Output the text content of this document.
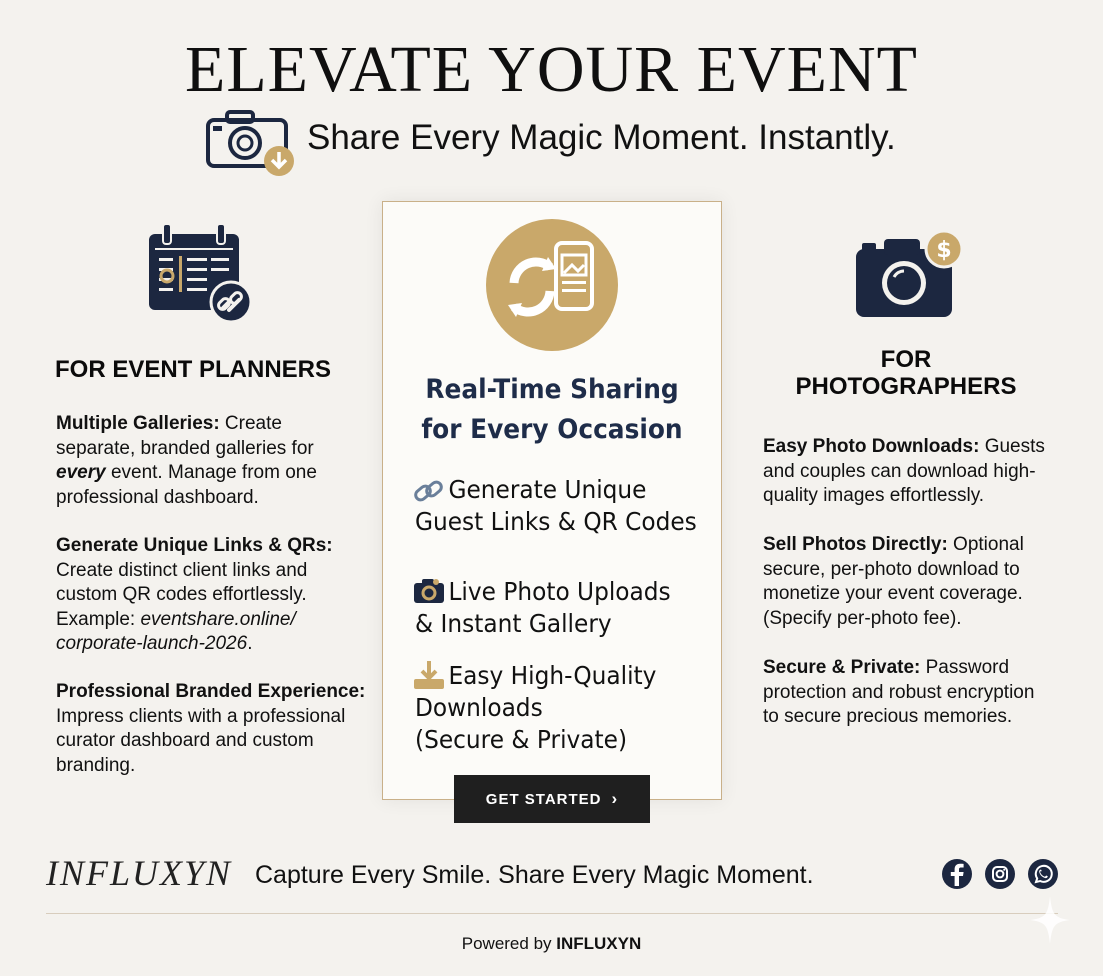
ELEVATE YOUR EVENT
Share Every Magic Moment. Instantly.
FOR EVENT PLANNERS
Multiple Galleries: Create separate, branded galleries for every event. Manage from one professional dashboard.
Generate Unique Links & QRs: Create distinct client links and custom QR codes effortlessly. Example: eventshare.online/ corporate-launch-2026.
Professional Branded Experience: Impress clients with a professional curator dashboard and custom branding.
Real-Time Sharing
for Every Occasion
Generate Unique
Guest Links & QR Codes
Live Photo Uploads
& Instant Gallery
Easy High-Quality
Downloads
(Secure & Private)
GET STARTED ›
$
FOR
PHOTOGRAPHERS
Easy Photo Downloads: Guests and couples can download high-quality images effortlessly.
Sell Photos Directly: Optional secure, per-photo download to monetize your event coverage. (Specify per-photo fee).
Secure & Private: Password protection and robust encryption to secure precious memories.
INFLUXYN Capture Every Smile. Share Every Magic Moment.
Powered by INFLUXYN
